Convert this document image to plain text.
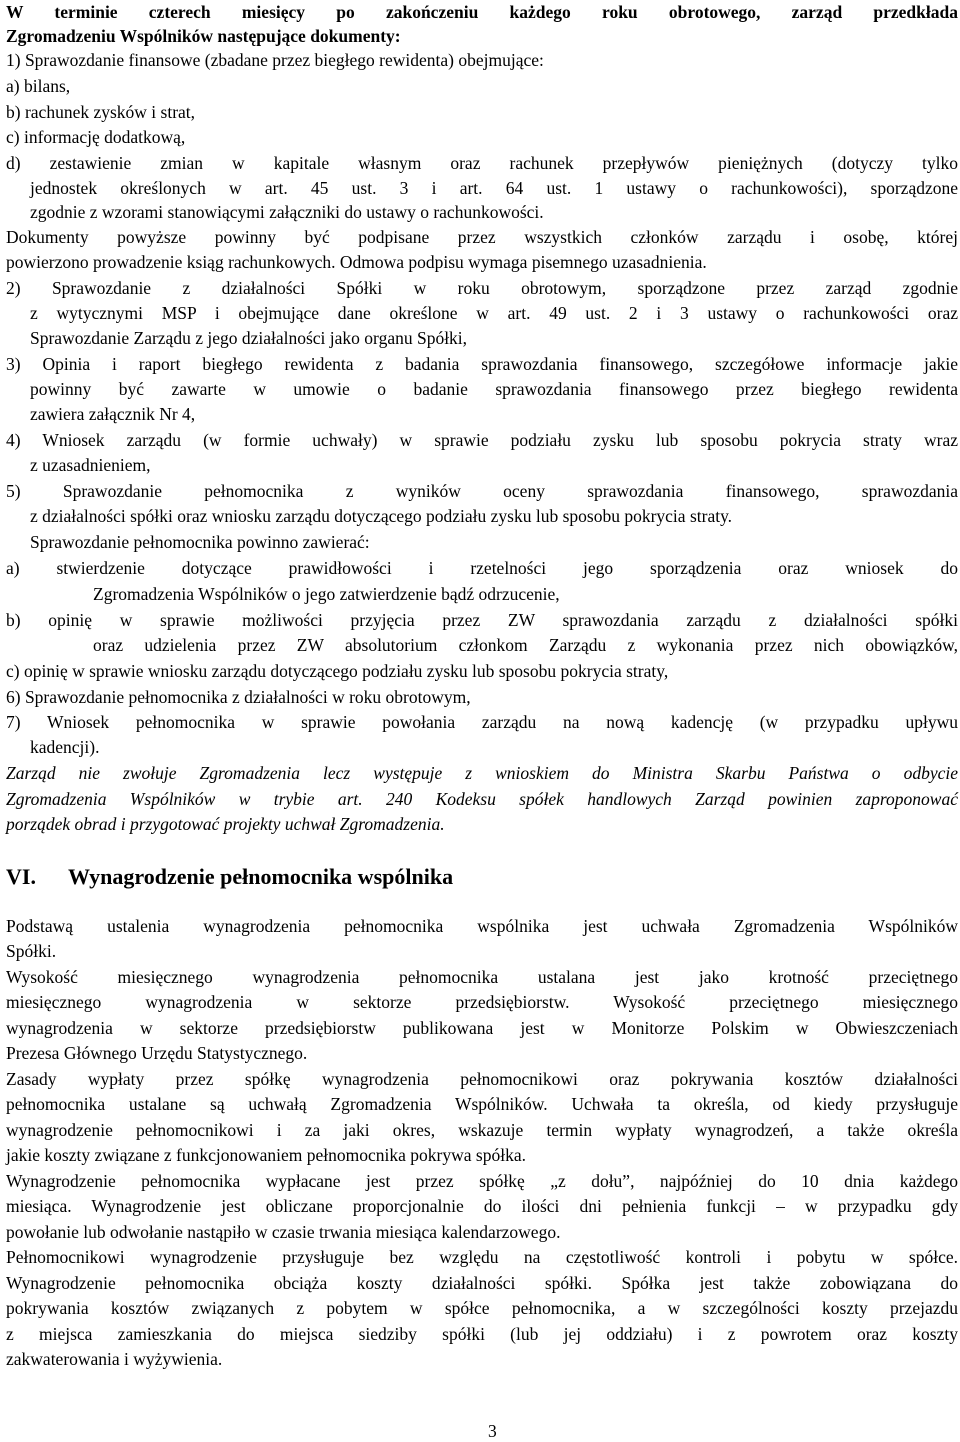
W terminie czterech miesięcy po zakończeniu każdego roku obrotowego, zarząd przedkłada
Zgromadzeniu Wspólników następujące dokumenty:
1) Sprawozdanie finansowe (zbadane przez biegłego rewidenta) obejmujące:
a) bilans,
b) rachunek zysków i strat,
c) informację dodatkową,
d) zestawienie zmian w kapitale własnym oraz rachunek przepływów pieniężnych (dotyczy tylko
jednostek określonych w art. 45 ust. 3 i art. 64 ust. 1 ustawy o rachunkowości), sporządzone
zgodnie z wzorami stanowiącymi załączniki do ustawy o rachunkowości.
Dokumenty powyższe powinny być podpisane przez wszystkich członków zarządu i osobę, której
powierzono prowadzenie ksiąg rachunkowych. Odmowa podpisu wymaga pisemnego uzasadnienia.
2) Sprawozdanie z działalności Spółki w roku obrotowym, sporządzone przez zarząd zgodnie
z wytycznymi MSP i obejmujące dane określone w art. 49 ust. 2 i 3 ustawy o rachunkowości oraz
Sprawozdanie Zarządu z jego działalności jako organu Spółki,
3) Opinia i raport biegłego rewidenta z badania sprawozdania finansowego, szczegółowe informacje jakie
powinny być zawarte w umowie o badanie sprawozdania finansowego przez biegłego rewidenta
zawiera załącznik Nr 4,
4) Wniosek zarządu (w formie uchwały) w sprawie podziału zysku lub sposobu pokrycia straty wraz
z uzasadnieniem,
5) Sprawozdanie pełnomocnika z wyników oceny sprawozdania finansowego, sprawozdania
z działalności spółki oraz wniosku zarządu dotyczącego podziału zysku lub sposobu pokrycia straty.
Sprawozdanie pełnomocnika powinno zawierać:
a) stwierdzenie dotyczące prawidłowości i rzetelności jego sporządzenia oraz wniosek do
Zgromadzenia Wspólników o jego zatwierdzenie bądź odrzucenie,
b) opinię w sprawie możliwości przyjęcia przez ZW sprawozdania zarządu z działalności spółki
oraz udzielenia przez ZW absolutorium członkom Zarządu z wykonania przez nich obowiązków,
c) opinię w sprawie wniosku zarządu dotyczącego podziału zysku lub sposobu pokrycia straty,
6) Sprawozdanie pełnomocnika z działalności w roku obrotowym,
7) Wniosek pełnomocnika w sprawie powołania zarządu na nową kadencję (w przypadku upływu
kadencji).
Zarząd nie zwołuje Zgromadzenia lecz występuje z wnioskiem do Ministra Skarbu Państwa o odbycie
Zgromadzenia Wspólników w trybie art. 240 Kodeksu spółek handlowych Zarząd powinien zaproponować
porządek obrad i przygotować projekty uchwał Zgromadzenia.
VI. Wynagrodzenie pełnomocnika wspólnika
Podstawą ustalenia wynagrodzenia pełnomocnika wspólnika jest uchwała Zgromadzenia Wspólników
Spółki.
Wysokość miesięcznego wynagrodzenia pełnomocnika ustalana jest jako krotność przeciętnego
miesięcznego wynagrodzenia w sektorze przedsiębiorstw. Wysokość przeciętnego miesięcznego
wynagrodzenia w sektorze przedsiębiorstw publikowana jest w Monitorze Polskim w Obwieszczeniach
Prezesa Głównego Urzędu Statystycznego.
Zasady wypłaty przez spółkę wynagrodzenia pełnomocnikowi oraz pokrywania kosztów działalności
pełnomocnika ustalane są uchwałą Zgromadzenia Wspólników. Uchwała ta określa, od kiedy przysługuje
wynagrodzenie pełnomocnikowi i za jaki okres, wskazuje termin wypłaty wynagrodzeń, a także określa
jakie koszty związane z funkcjonowaniem pełnomocnika pokrywa spółka.
Wynagrodzenie pełnomocnika wypłacane jest przez spółkę „z dołu”, najpóźniej do 10 dnia każdego
miesiąca. Wynagrodzenie jest obliczane proporcjonalnie do ilości dni pełnienia funkcji – w przypadku gdy
powołanie lub odwołanie nastąpiło w czasie trwania miesiąca kalendarzowego.
Pełnomocnikowi wynagrodzenie przysługuje bez względu na częstotliwość kontroli i pobytu w spółce.
Wynagrodzenie pełnomocnika obciąża koszty działalności spółki. Spółka jest także zobowiązana do
pokrywania kosztów związanych z pobytem w spółce pełnomocnika, a w szczególności koszty przejazdu
z miejsca zamieszkania do miejsca siedziby spółki (lub jej oddziału) i z powrotem oraz koszty
zakwaterowania i wyżywienia.
3
